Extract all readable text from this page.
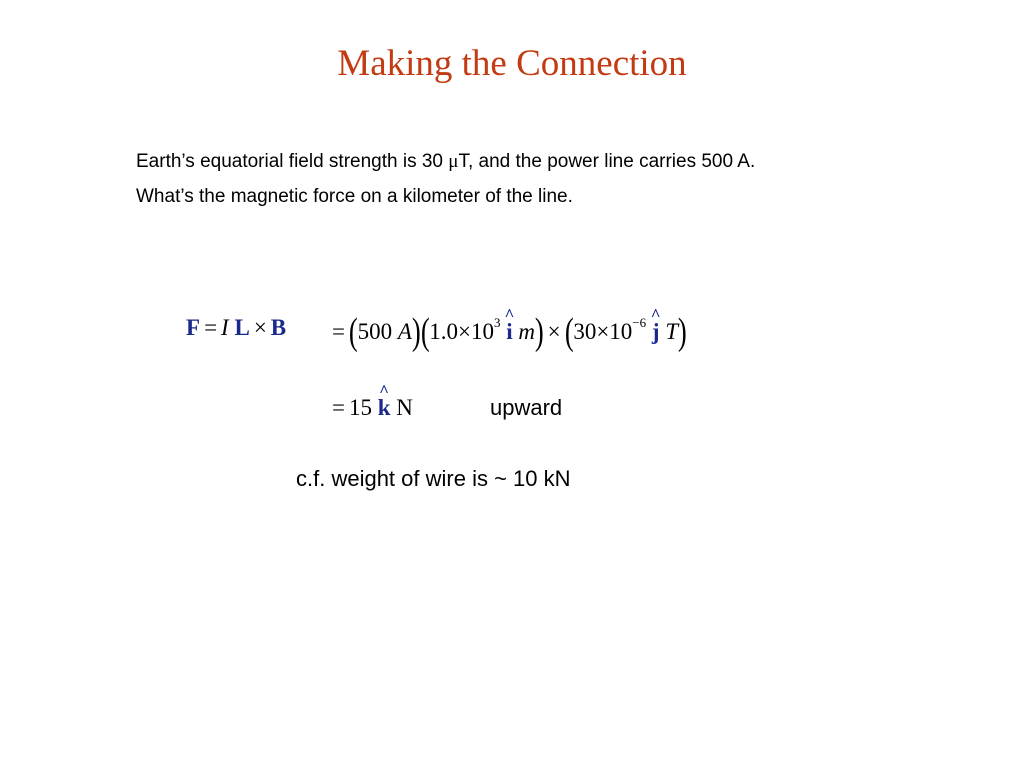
Making the Connection
Earth’s equatorial field strength is 30 μT, and the power line carries 500 A.
What’s the magnetic force on a kilometer of the line.
F = I L × B = (500 $A)(1.0\times 10^3$ ^ i $m) \times (30\times 10^{-6}$ ^ j T)
= 15 ^ k N	upward
c.f. weight of wire is ~ 10 kN
